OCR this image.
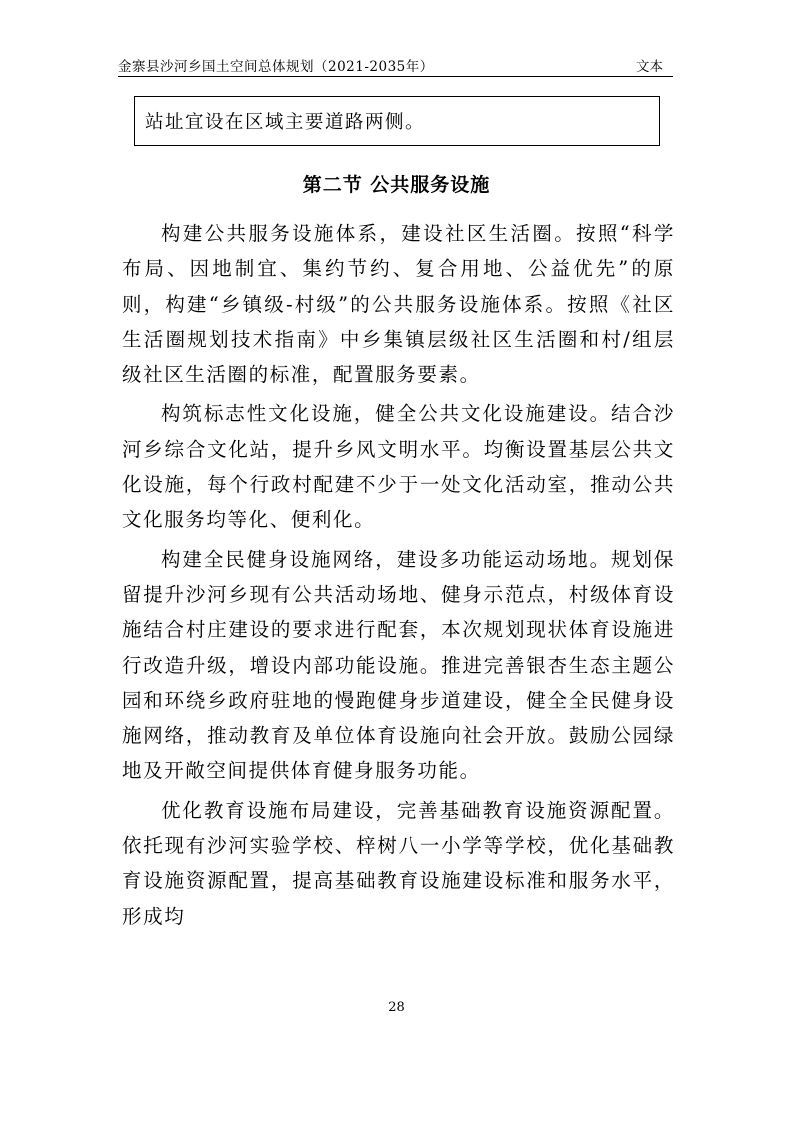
金寨县沙河乡国土空间总体规划（2021-2035年）	文本
站址宜设在区域主要道路两侧。
第二节 公共服务设施

构建公共服务设施体系，建设社区生活圈。按照“科学布局、因地制宜、集约节约、复合用地、公益优先”的原则，构建“乡镇级-村级”的公共服务设施体系。按照《社区生活圈规划技术指南》中乡集镇层级社区生活圈和村/组层级社区生活圈的标准，配置服务要素。

构筑标志性文化设施，健全公共文化设施建设。结合沙河乡综合文化站，提升乡风文明水平。均衡设置基层公共文化设施，每个行政村配建不少于一处文化活动室，推动公共文化服务均等化、便利化。

构建全民健身设施网络，建设多功能运动场地。规划保留提升沙河乡现有公共活动场地、健身示范点，村级体育设施结合村庄建设的要求进行配套，本次规划现状体育设施进行改造升级，增设内部功能设施。推进完善银杏生态主题公园和环绕乡政府驻地的慢跑健身步道建设，健全全民健身设施网络，推动教育及单位体育设施向社会开放。鼓励公园绿地及开敞空间提供体育健身服务功能。

优化教育设施布局建设，完善基础教育设施资源配置。依托现有沙河实验学校、梓树八一小学等学校，优化基础教育设施资源配置，提高基础教育设施建设标准和服务水平，形成均

28
